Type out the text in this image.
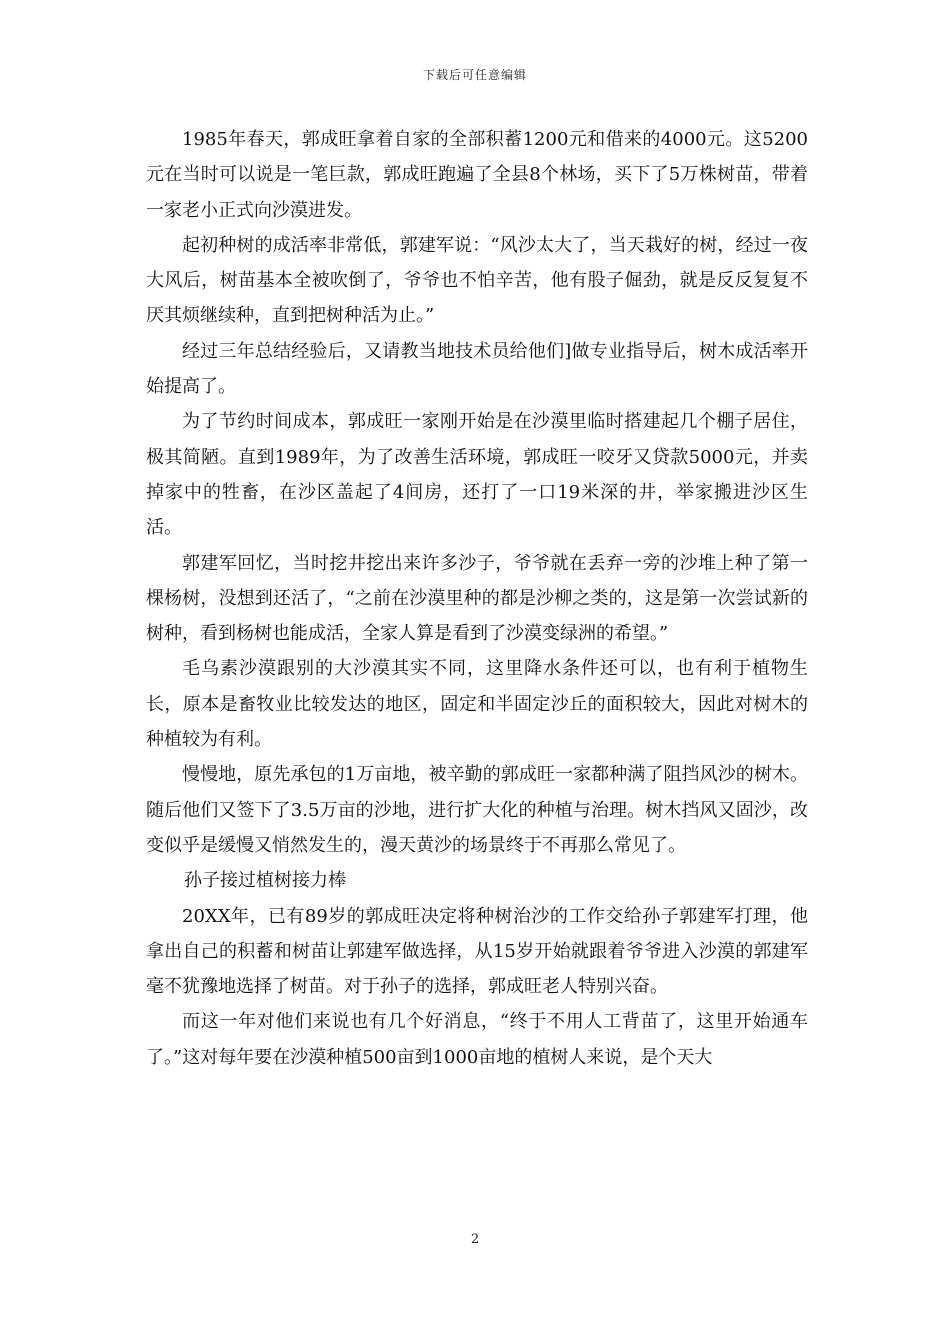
下载后可任意编辑

1985年春天，郭成旺拿着自家的全部积蓄1200元和借来的4000元。这5200元在当时可以说是一笔巨款，郭成旺跑遍了全县8个林场，买下了5万株树苗，带着一家老小正式向沙漠进发。

起初种树的成活率非常低，郭建军说：“风沙太大了，当天栽好的树，经过一夜大风后，树苗基本全被吹倒了，爷爷也不怕辛苦，他有股子倔劲，就是反反复复不厌其烦继续种，直到把树种活为止。”

经过三年总结经验后，又请教当地技术员给他们]做专业指导后，树木成活率开始提高了。

为了节约时间成本，郭成旺一家刚开始是在沙漠里临时搭建起几个棚子居住，极其简陋。直到1989年，为了改善生活环境，郭成旺一咬牙又贷款5000元，并卖掉家中的牲畜，在沙区盖起了4间房，还打了一口19米深的井，举家搬进沙区生活。

郭建军回忆，当时挖井挖出来许多沙子，爷爷就在丢弃一旁的沙堆上种了第一棵杨树，没想到还活了，“之前在沙漠里种的都是沙柳之类的，这是第一次尝试新的树种，看到杨树也能成活，全家人算是看到了沙漠变绿洲的希望。”

毛乌素沙漠跟别的大沙漠其实不同，这里降水条件还可以，也有利于植物生长，原本是畜牧业比较发达的地区，固定和半固定沙丘的面积较大，因此对树木的种植较为有利。

慢慢地，原先承包的1万亩地，被辛勤的郭成旺一家都种满了阻挡风沙的树木。随后他们又签下了3.5万亩的沙地，进行扩大化的种植与治理。树木挡风又固沙，改变似乎是缓慢又悄然发生的，漫天黄沙的场景终于不再那么常见了。

孙子接过植树接力棒

20XX年，已有89岁的郭成旺决定将种树治沙的工作交给孙子郭建军打理，他拿出自己的积蓄和树苗让郭建军做选择，从15岁开始就跟着爷爷进入沙漠的郭建军毫不犹豫地选择了树苗。对于孙子的选择，郭成旺老人特别兴奋。

而这一年对他们来说也有几个好消息，“终于不用人工背苗了，这里开始通车了。”这对每年要在沙漠种植500亩到1000亩地的植树人来说，是个天大

2
